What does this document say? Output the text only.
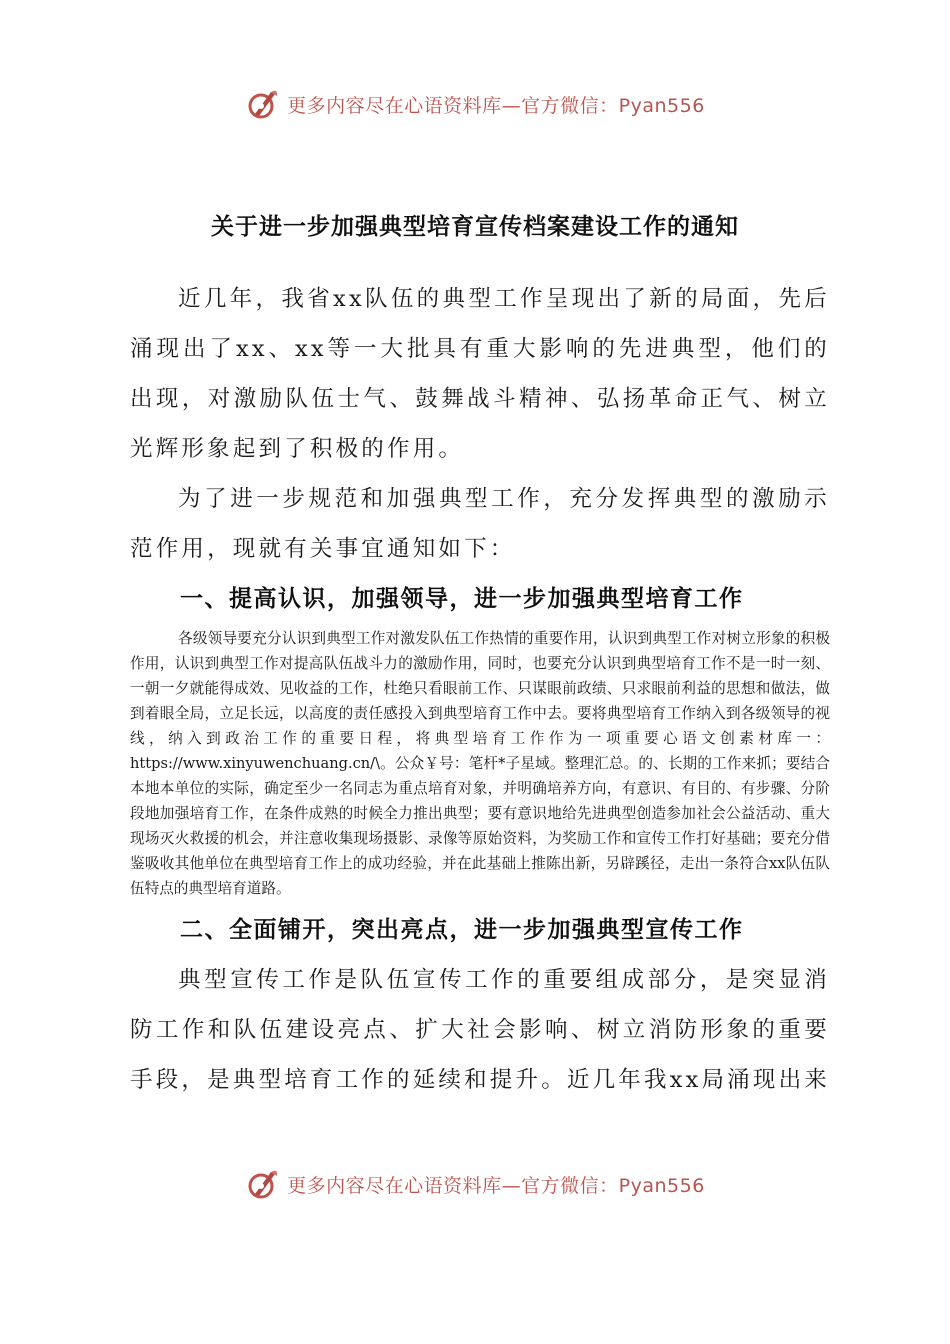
更多内容尽在心语资料库—官方微信：Pyan556
关于进一步加强典型培育宣传档案建设工作的通知

近几年，我省xx队伍的典型工作呈现出了新的局面，先后涌现出了xx、xx等一大批具有重大影响的先进典型，他们的出现，对激励队伍士气、鼓舞战斗精神、弘扬革命正气、树立光辉形象起到了积极的作用。

为了进一步规范和加强典型工作，充分发挥典型的激励示范作用，现就有关事宜通知如下：

一、提高认识，加强领导，进一步加强典型培育工作

各级领导要充分认识到典型工作对激发队伍工作热情的重要作用，认识到典型工作对树立形象的积极作用，认识到典型工作对提高队伍战斗力的激励作用，同时，也要充分认识到典型培育工作不是一时一刻、一朝一夕就能得成效、见收益的工作，杜绝只看眼前工作、只谋眼前政绩、只求眼前利益的思想和做法，做到着眼全局，立足长远，以高度的责任感投入到典型培育工作中去。要将典型培育工作纳入到各级领导的视线，纳入到政治工作的重要日程，将典型培育工作作为一项重要心语文创素材库一：https://www.xinyuwenchuang.cn/\。公众￥号：笔杆*子星域。整理汇总。的、长期的工作来抓；要结合本地本单位的实际，确定至少一名同志为重点培育对象，并明确培养方向，有意识、有目的、有步骤、分阶段地加强培育工作，在条件成熟的时候全力推出典型；要有意识地给先进典型创造参加社会公益活动、重大现场灭火救援的机会，并注意收集现场摄影、录像等原始资料，为奖励工作和宣传工作打好基础；要充分借鉴吸收其他单位在典型培育工作上的成功经验，并在此基础上推陈出新，另辟蹊径，走出一条符合xx队伍队伍特点的典型培育道路。

二、全面铺开，突出亮点，进一步加强典型宣传工作

典型宣传工作是队伍宣传工作的重要组成部分，是突显消防工作和队伍建设亮点、扩大社会影响、树立消防形象的重要手段，是典型培育工作的延续和提升。近几年我xx局涌现出来

更多内容尽在心语资料库—官方微信：Pyan556
